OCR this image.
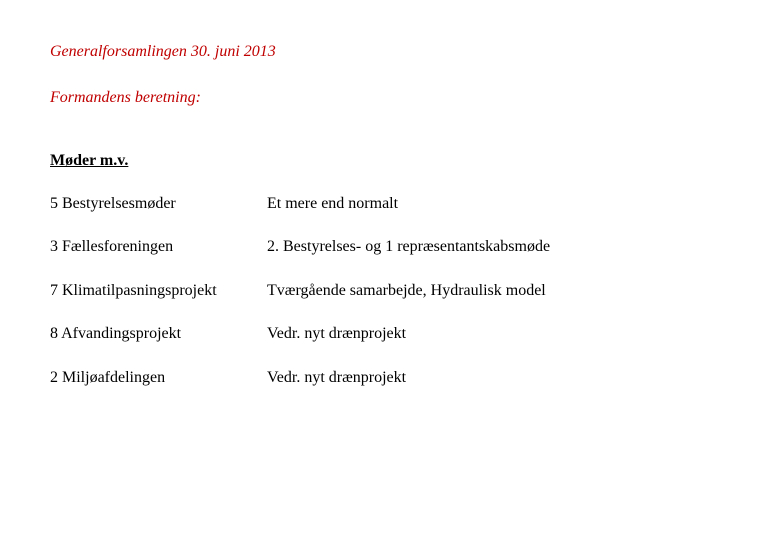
Generalforsamlingen 30. juni 2013
Formandens beretning:
Møder m.v.
5 Bestyrelsesmøder	Et mere end normalt
3 Fællesforeningen	2. Bestyrelses- og 1 repræsentantskabsmøde
7 Klimatilpasningsprojekt	Tværgående samarbejde, Hydraulisk model
8 Afvandingsprojekt	Vedr. nyt drænprojekt
2 Miljøafdelingen	Vedr. nyt drænprojekt
